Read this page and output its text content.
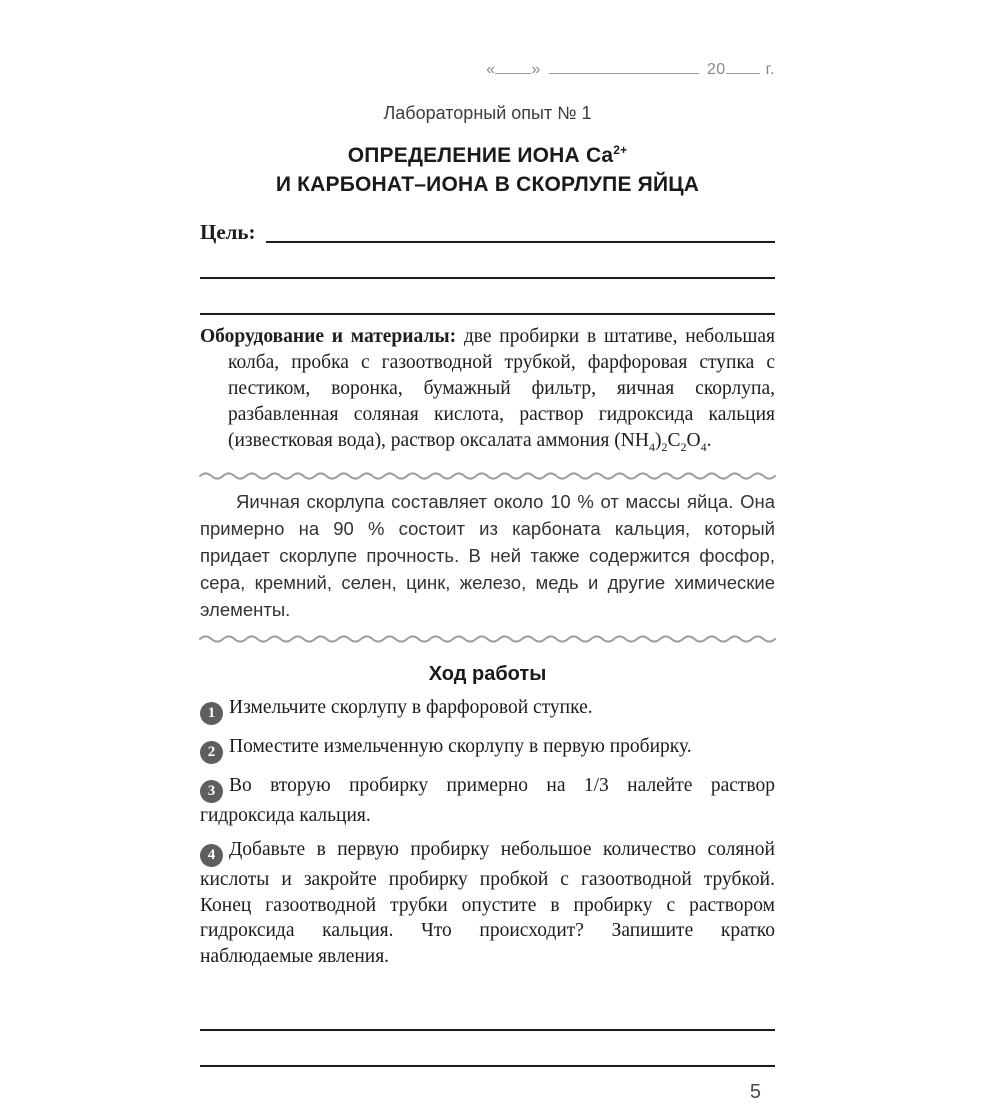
« »	20	г.
Лабораторный опыт № 1
ОПРЕДЕЛЕНИЕ ИОНА $Ca^{2+}$
И КАРБОНАТ–ИОНА В СКОРЛУПЕ ЯЙЦА
Цель:
Оборудование и материалы: две пробирки в штативе, небольшая колба, пробка с газоотводной трубкой, фарфоровая ступка с пестиком, воронка, бумажный фильтр, яичная скорлупа, разбавленная соляная кислота, раствор гидроксида кальция (известковая вода), раствор оксалата аммония $(NH_4)_2C_2O_4$.
Яичная скорлупа составляет около 10 % от массы яйца. Она примерно на 90 % состоит из карбоната кальция, который придает скорлупе прочность. В ней также содержится фосфор, сера, кремний, селен, цинк, железо, медь и другие химические элементы.
Ход работы
1 Измельчите скорлупу в фарфоровой ступке.
2 Поместите измельченную скорлупу в первую пробирку.
3 Во вторую пробирку примерно на 1/3 налейте раствор гидроксида кальция.
4 Добавьте в первую пробирку небольшое количество соляной кислоты и закройте пробирку пробкой с газоотводной трубкой. Конец газоотводной трубки опустите в пробирку с раствором гидроксида кальция. Что происходит? Запишите кратко наблюдаемые явления.
5
